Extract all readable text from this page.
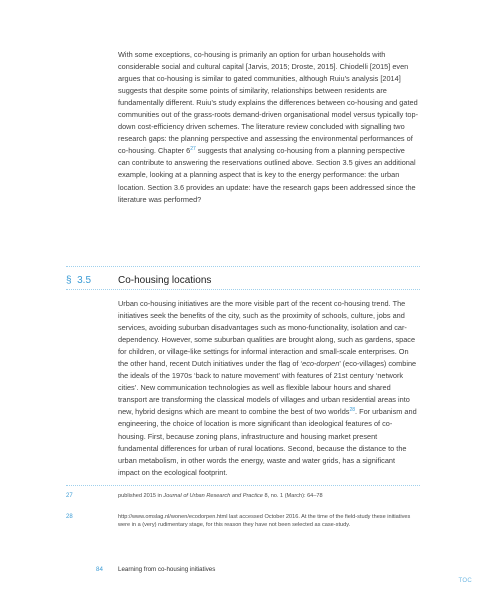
With some exceptions, co-housing is primarily an option for urban households with considerable social and cultural capital [Jarvis, 2015; Droste, 2015]. Chiodelli [2015] even argues that co-housing is similar to gated communities, although Ruiu’s analysis [2014] suggests that despite some points of similarity, relationships between residents are fundamentally different. Ruiu’s study explains the differences between co-housing and gated communities out of the grass-roots demand-driven organisational model versus typically top-down cost-efficiency driven schemes. The literature review concluded with signalling two research gaps: the planning perspective and assessing the environmental performances of co-housing. Chapter $6^{27}$ suggests that analysing co-housing from a planning perspective can contribute to answering the reservations outlined above. Section 3.5 gives an additional example, looking at a planning aspect that is key to the energy performance: the urban location. Section 3.6 provides an update: have the research gaps been addressed since the literature was performed?

§ 3.5	Co-housing locations

Urban co-housing initiatives are the more visible part of the recent co-housing trend. The initiatives seek the benefits of the city, such as the proximity of schools, culture, jobs and services, avoiding suburban disadvantages such as mono-functionality, isolation and car-dependency. However, some suburban qualities are brought along, such as gardens, space for children, or village-like settings for informal interaction and small-scale enterprises. On the other hand, recent Dutch initiatives under the flag of ‘eco-dorpen’ (eco-villages) combine the ideals of the 1970s ‘back to nature movement’ with features of 21st century ‘network cities’. New communication technologies as well as flexible labour hours and shared transport are transforming the classical models of villages and urban residential areas into new, hybrid designs which are meant to combine the best of two worlds$^{28}$. For urbanism and engineering, the choice of location is more significant than ideological features of co-housing. First, because zoning plans, infrastructure and housing market present fundamental differences for urban of rural locations. Second, because the distance to the urban metabolism, in other words the energy, waste and water grids, has a significant impact on the ecological footprint.

27	published 2015 in Journal of Urban Research and Practice 8, no. 1 (March): 64–78
28	http://www.omslag.nl/wonen/ecodorpen.html last accessed October 2016. At the time of the field-study these initiatives were in a (very) rudimentary stage, for this reason they have not been selected as case-study.
84 Learning from co-housing initiatives
TOC
